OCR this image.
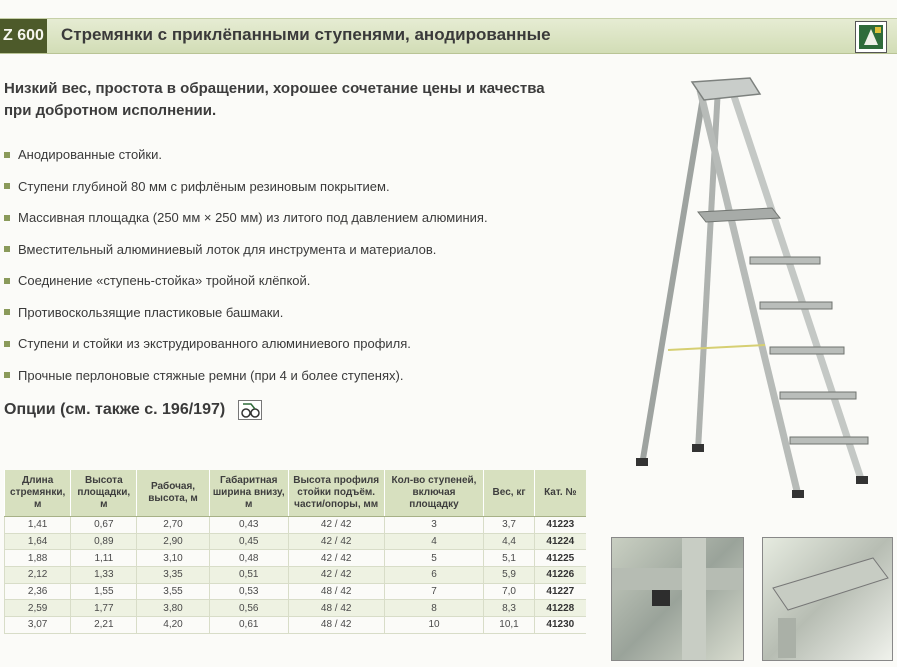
Z 600 Стремянки с приклёпанными ступенями, анодированные
Низкий вес, простота в обращении, хорошее сочетание цены и качества при добротном исполнении.
Анодированные стойки.
Ступени глубиной 80 мм с рифлёным резиновым покрытием.
Массивная площадка (250 мм × 250 мм) из литого под давлением алюминия.
Вместительный алюминиевый лоток для инструмента и материалов.
Соединение «ступень-стойка» тройной клёпкой.
Противоскользящие пластиковые башмаки.
Ступени и стойки из экструдированного алюминиевого профиля.
Прочные перлоновые стяжные ремни (при 4 и более ступенях).
Опции (см. также с. 196/197)
Длина стремянки, м	Высота площадки, м	Рабочая, высота, м	Габаритная ширина внизу, м	Высота профиля стойки подъём. части/опоры, мм	Кол-во ступеней, включая площадку	Вес, кг	Кат. №
1,41	0,67	2,70	0,43	42 / 42	3	3,7	41223
1,64	0,89	2,90	0,45	42 / 42	4	4,4	41224
1,88	1,11	3,10	0,48	42 / 42	5	5,1	41225
2,12	1,33	3,35	0,51	42 / 42	6	5,9	41226
2,36	1,55	3,55	0,53	48 / 42	7	7,0	41227
2,59	1,77	3,80	0,56	48 / 42	8	8,3	41228
3,07	2,21	4,20	0,61	48 / 42	10	10,1	41230
